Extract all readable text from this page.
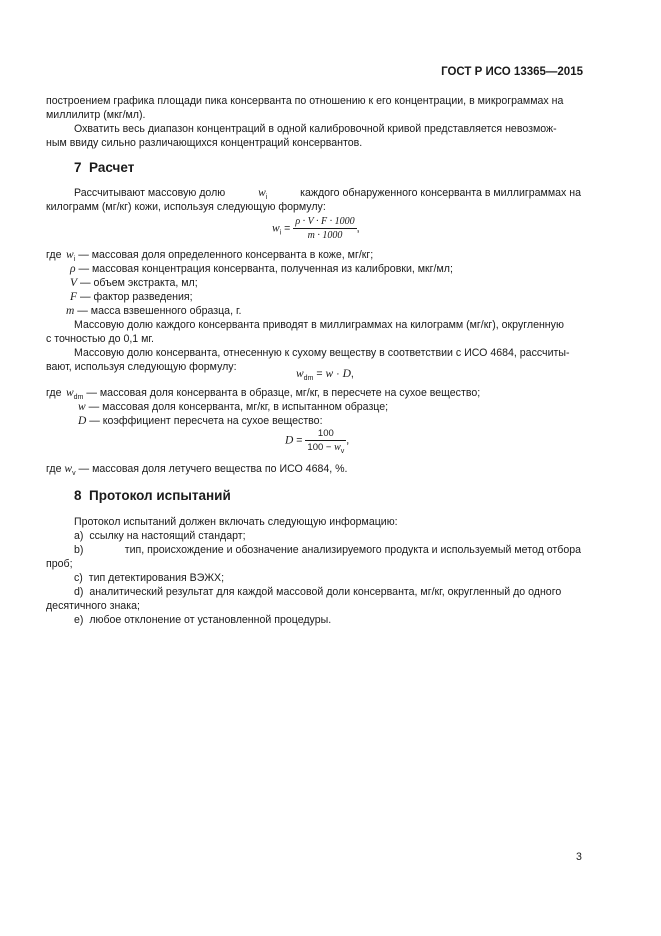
ГОСТ Р ИСО 13365—2015
построением графика площади пика консерванта по отношению к его концентрации, в микрограммах на
миллилитр (мкг/мл).
Охватить весь диапазон концентраций в одной калибровочной кривой представляется невозмож-
ным ввиду сильно различающихся концентраций консервантов.
7 Расчет
Рассчитывают массовую долю	$w_i$	каждого обнаруженного консерванта в миллиграммах на
килограмм (мг/кг) кожи, используя следующую формулу:
$w_i = \frac{\rho \cdot V \cdot F \cdot 1000}{m \cdot 1000}$ ,
где $w_i$ — массовая доля определенного консерванта в коже, мг/кг;
ρ — массовая концентрация консерванта, полученная из калибровки, мкг/мл;
V — объем экстракта, мл;
F — фактор разведения;
m — масса взвешенного образца, г.
Массовую долю каждого консерванта приводят в миллиграммах на килограмм (мг/кг), округленную
с точностью до 0,1 мг.
Массовую долю консерванта, отнесенную к сухому веществу в соответствии с ИСО 4684, рассчиты-
вают, используя следующую формулу:
$w_{dm} = w \cdot D$,
где $w_{dm}$ — массовая доля консерванта в образце, мг/кг, в пересчете на сухое вещество;
w — массовая доля консерванта, мг/кг, в испытанном образце;
D — коэффициент пересчета на сухое вещество:
$D = \frac{100}{100 - w_v}$ ,
где $w_v$ — массовая доля летучего вещества по ИСО 4684, %.
8 Протокол испытаний
Протокол испытаний должен включать следующую информацию:
a) ссылку на настоящий стандарт;
b)	тип, происхождение и обозначение анализируемого продукта и используемый метод отбора
проб;
c) тип детектирования ВЭЖХ;
d) аналитический результат для каждой массовой доли консерванта, мг/кг, округленный до одного
десятичного знака;
e) любое отклонение от установленной процедуры.
3
